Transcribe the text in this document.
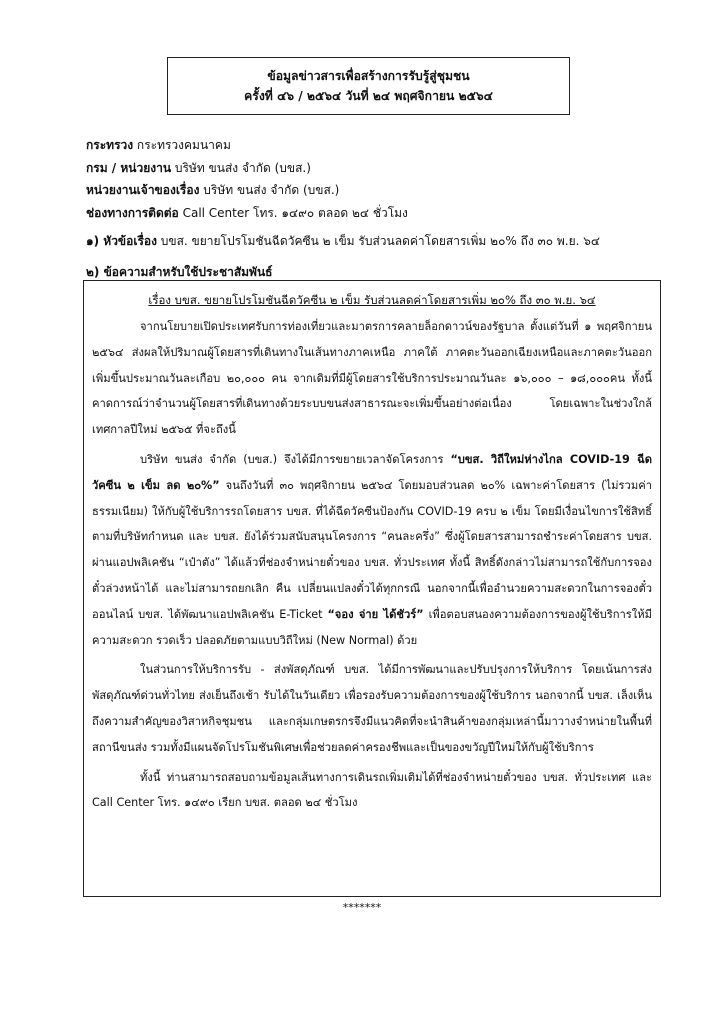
ข้อมูลข่าวสารเพื่อสร้างการรับรู้สู่ชุมชน
ครั้งที่ ๔๖ / ๒๕๖๔ วันที่ ๒๔ พฤศจิกายน ๒๕๖๔
กระทรวง กระทรวงคมนาคม
กรม / หน่วยงาน บริษัท ขนส่ง จำกัด (บขส.)
หน่วยงานเจ้าของเรื่อง บริษัท ขนส่ง จำกัด (บขส.)
ช่องทางการติดต่อ Call Center โทร. ๑๔๙๐ ตลอด ๒๔ ชั่วโมง
๑) หัวข้อเรื่อง บขส. ขยายโปรโมชันฉีดวัคซีน ๒ เข็ม รับส่วนลดค่าโดยสารเพิ่ม ๒๐% ถึง ๓๐ พ.ย. ๖๔
๒) ข้อความสำหรับใช้ประชาสัมพันธ์
เรื่อง บขส. ขยายโปรโมชันฉีดวัคซีน ๒ เข็ม รับส่วนลดค่าโดยสารเพิ่ม ๒๐% ถึง ๓๐ พ.ย. ๖๔

จากนโยบายเปิดประเทศรับการท่องเที่ยวและมาตรการคลายล็อกดาวน์ของรัฐบาล ตั้งแต่วันที่ ๑ พฤศจิกายน ๒๕๖๔ ส่งผลให้ปริมาณผู้โดยสารที่เดินทางในเส้นทางภาคเหนือ ภาคใต้ ภาคตะวันออกเฉียงเหนือและภาคตะวันออก เพิ่มขึ้นประมาณวันละเกือบ ๒๐,๐๐๐ คน จากเดิมที่มีผู้โดยสารใช้บริการประมาณวันละ ๑๖,๐๐๐ – ๑๘,๐๐๐คน ทั้งนี้ คาดการณ์ว่าจำนวนผู้โดยสารที่เดินทางด้วยระบบขนส่งสาธารณะจะเพิ่มขึ้นอย่างต่อเนื่อง โดยเฉพาะในช่วงใกล้เทศกาลปีใหม่ ๒๕๖๕ ที่จะถึงนี้

บริษัท ขนส่ง จำกัด (บขส.) จึงได้มีการขยายเวลาจัดโครงการ “บขส. วิถีใหม่ห่างไกล COVID-19 ฉีดวัคซีน ๒ เข็ม ลด ๒๐%” จนถึงวันที่ ๓๐ พฤศจิกายน ๒๕๖๔ โดยมอบส่วนลด ๒๐% เฉพาะค่าโดยสาร (ไม่รวมค่าธรรมเนียม) ให้กับผู้ใช้บริการรถโดยสาร บขส. ที่ได้ฉีดวัคซีนป้องกัน COVID-19 ครบ ๒ เข็ม โดยมีเงื่อนไขการใช้สิทธิ์ตามที่บริษัทกำหนด และ บขส. ยังได้ร่วมสนับสนุนโครงการ “คนละครึ่ง” ซึ่งผู้โดยสารสามารถชำระค่าโดยสาร บขส. ผ่านแอปพลิเคชัน “เป๋าตัง” ได้แล้วที่ช่องจำหน่ายตั๋วของ บขส. ทั่วประเทศ ทั้งนี้ สิทธิ์ดังกล่าวไม่สามารถใช้กับการจองตั๋วล่วงหน้าได้ และไม่สามารถยกเลิก คืน เปลี่ยนแปลงตั๋วได้ทุกกรณี นอกจากนี้เพื่ออำนวยความสะดวกในการจองตั๋วออนไลน์ บขส. ได้พัฒนาแอปพลิเคชัน E-Ticket “จอง จ่าย ได้ชัวร์” เพื่อตอบสนองความต้องการของผู้ใช้บริการให้มีความสะดวก รวดเร็ว ปลอดภัยตามแบบวิถีใหม่ (New Normal) ด้วย

ในส่วนการให้บริการรับ - ส่งพัสดุภัณฑ์ บขส. ได้มีการพัฒนาและปรับปรุงการให้บริการ โดยเน้นการส่งพัสดุภัณฑ์ด่วนทั่วไทย ส่งเย็นถึงเช้า รับได้ในวันเดียว เพื่อรองรับความต้องการของผู้ใช้บริการ นอกจากนี้ บขส. เล็งเห็นถึงความสำคัญของวิสาหกิจชุมชน และกลุ่มเกษตรกรจึงมีแนวคิดที่จะนำสินค้าของกลุ่มเหล่านี้มาวางจำหน่ายในพื้นที่สถานีขนส่ง รวมทั้งมีแผนจัดโปรโมชันพิเศษเพื่อช่วยลดค่าครองชีพและเป็นของขวัญปีใหม่ให้กับผู้ใช้บริการ

ทั้งนี้ ท่านสามารถสอบถามข้อมูลเส้นทางการเดินรถเพิ่มเติมได้ที่ช่องจำหน่ายตั๋วของ บขส. ทั่วประเทศ และ Call Center โทร. ๑๔๙๐ เรียก บขส. ตลอด ๒๔ ชั่วโมง

*******
